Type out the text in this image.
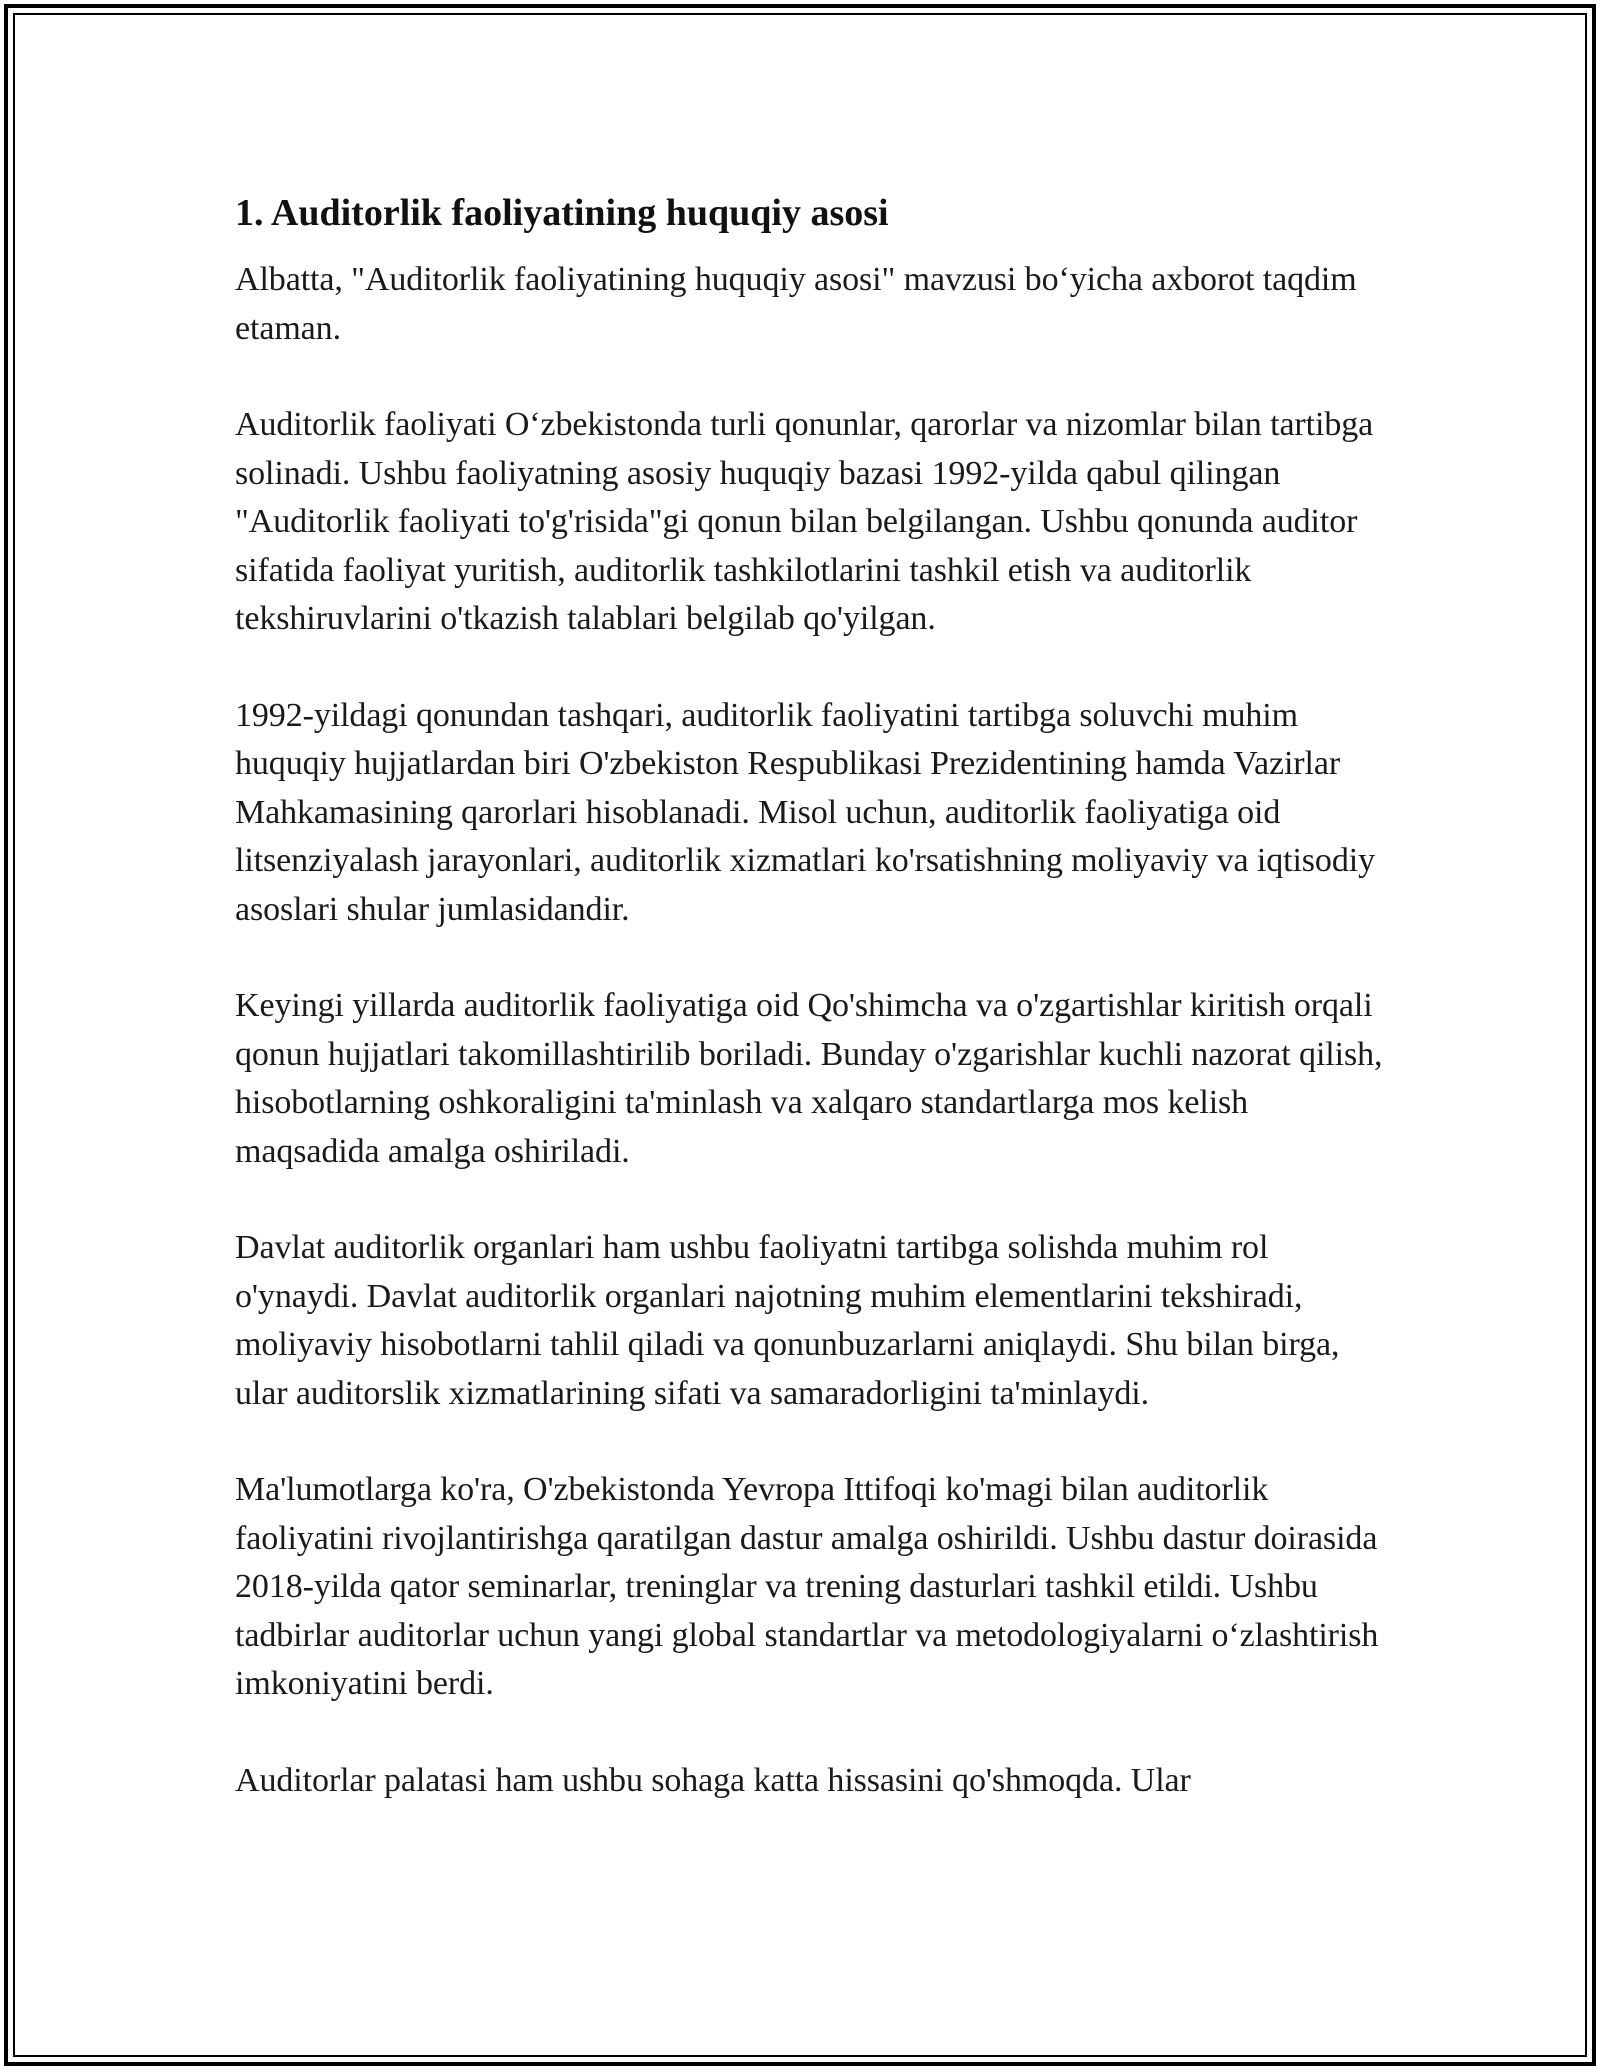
1. Auditorlik faoliyatining huquqiy asosi

Albatta, "Auditorlik faoliyatining huquqiy asosi" mavzusi bo‘yicha axborot taqdim etaman.

Auditorlik faoliyati O‘zbekistonda turli qonunlar, qarorlar va nizomlar bilan tartibga solinadi. Ushbu faoliyatning asosiy huquqiy bazasi 1992-yilda qabul qilingan "Auditorlik faoliyati to'g'risida"gi qonun bilan belgilangan. Ushbu qonunda auditor sifatida faoliyat yuritish, auditorlik tashkilotlarini tashkil etish va auditorlik tekshiruvlarini o'tkazish talablari belgilab qo'yilgan.

1992-yildagi qonundan tashqari, auditorlik faoliyatini tartibga soluvchi muhim huquqiy hujjatlardan biri O'zbekiston Respublikasi Prezidentining hamda Vazirlar Mahkamasining qarorlari hisoblanadi. Misol uchun, auditorlik faoliyatiga oid litsenziyalash jarayonlari, auditorlik xizmatlari ko'rsatishning moliyaviy va iqtisodiy asoslari shular jumlasidandir.

Keyingi yillarda auditorlik faoliyatiga oid Qo'shimcha va o'zgartishlar kiritish orqali qonun hujjatlari takomillashtirilib boriladi. Bunday o'zgarishlar kuchli nazorat qilish, hisobotlarning oshkoraligini ta'minlash va xalqaro standartlarga mos kelish maqsadida amalga oshiriladi.

Davlat auditorlik organlari ham ushbu faoliyatni tartibga solishda muhim rol o'ynaydi. Davlat auditorlik organlari najotning muhim elementlarini tekshiradi, moliyaviy hisobotlarni tahlil qiladi va qonunbuzarlarni aniqlaydi. Shu bilan birga, ular auditorslik xizmatlarining sifati va samaradorligini ta'minlaydi.

Ma'lumotlarga ko'ra, O'zbekistonda Yevropa Ittifoqi ko'magi bilan auditorlik faoliyatini rivojlantirishga qaratilgan dastur amalga oshirildi. Ushbu dastur doirasida 2018-yilda qator seminarlar, treninglar va trening dasturlari tashkil etildi. Ushbu tadbirlar auditorlar uchun yangi global standartlar va metodologiyalarni o‘zlashtirish imkoniyatini berdi.

Auditorlar palatasi ham ushbu sohaga katta hissasini qo'shmoqda. Ular
